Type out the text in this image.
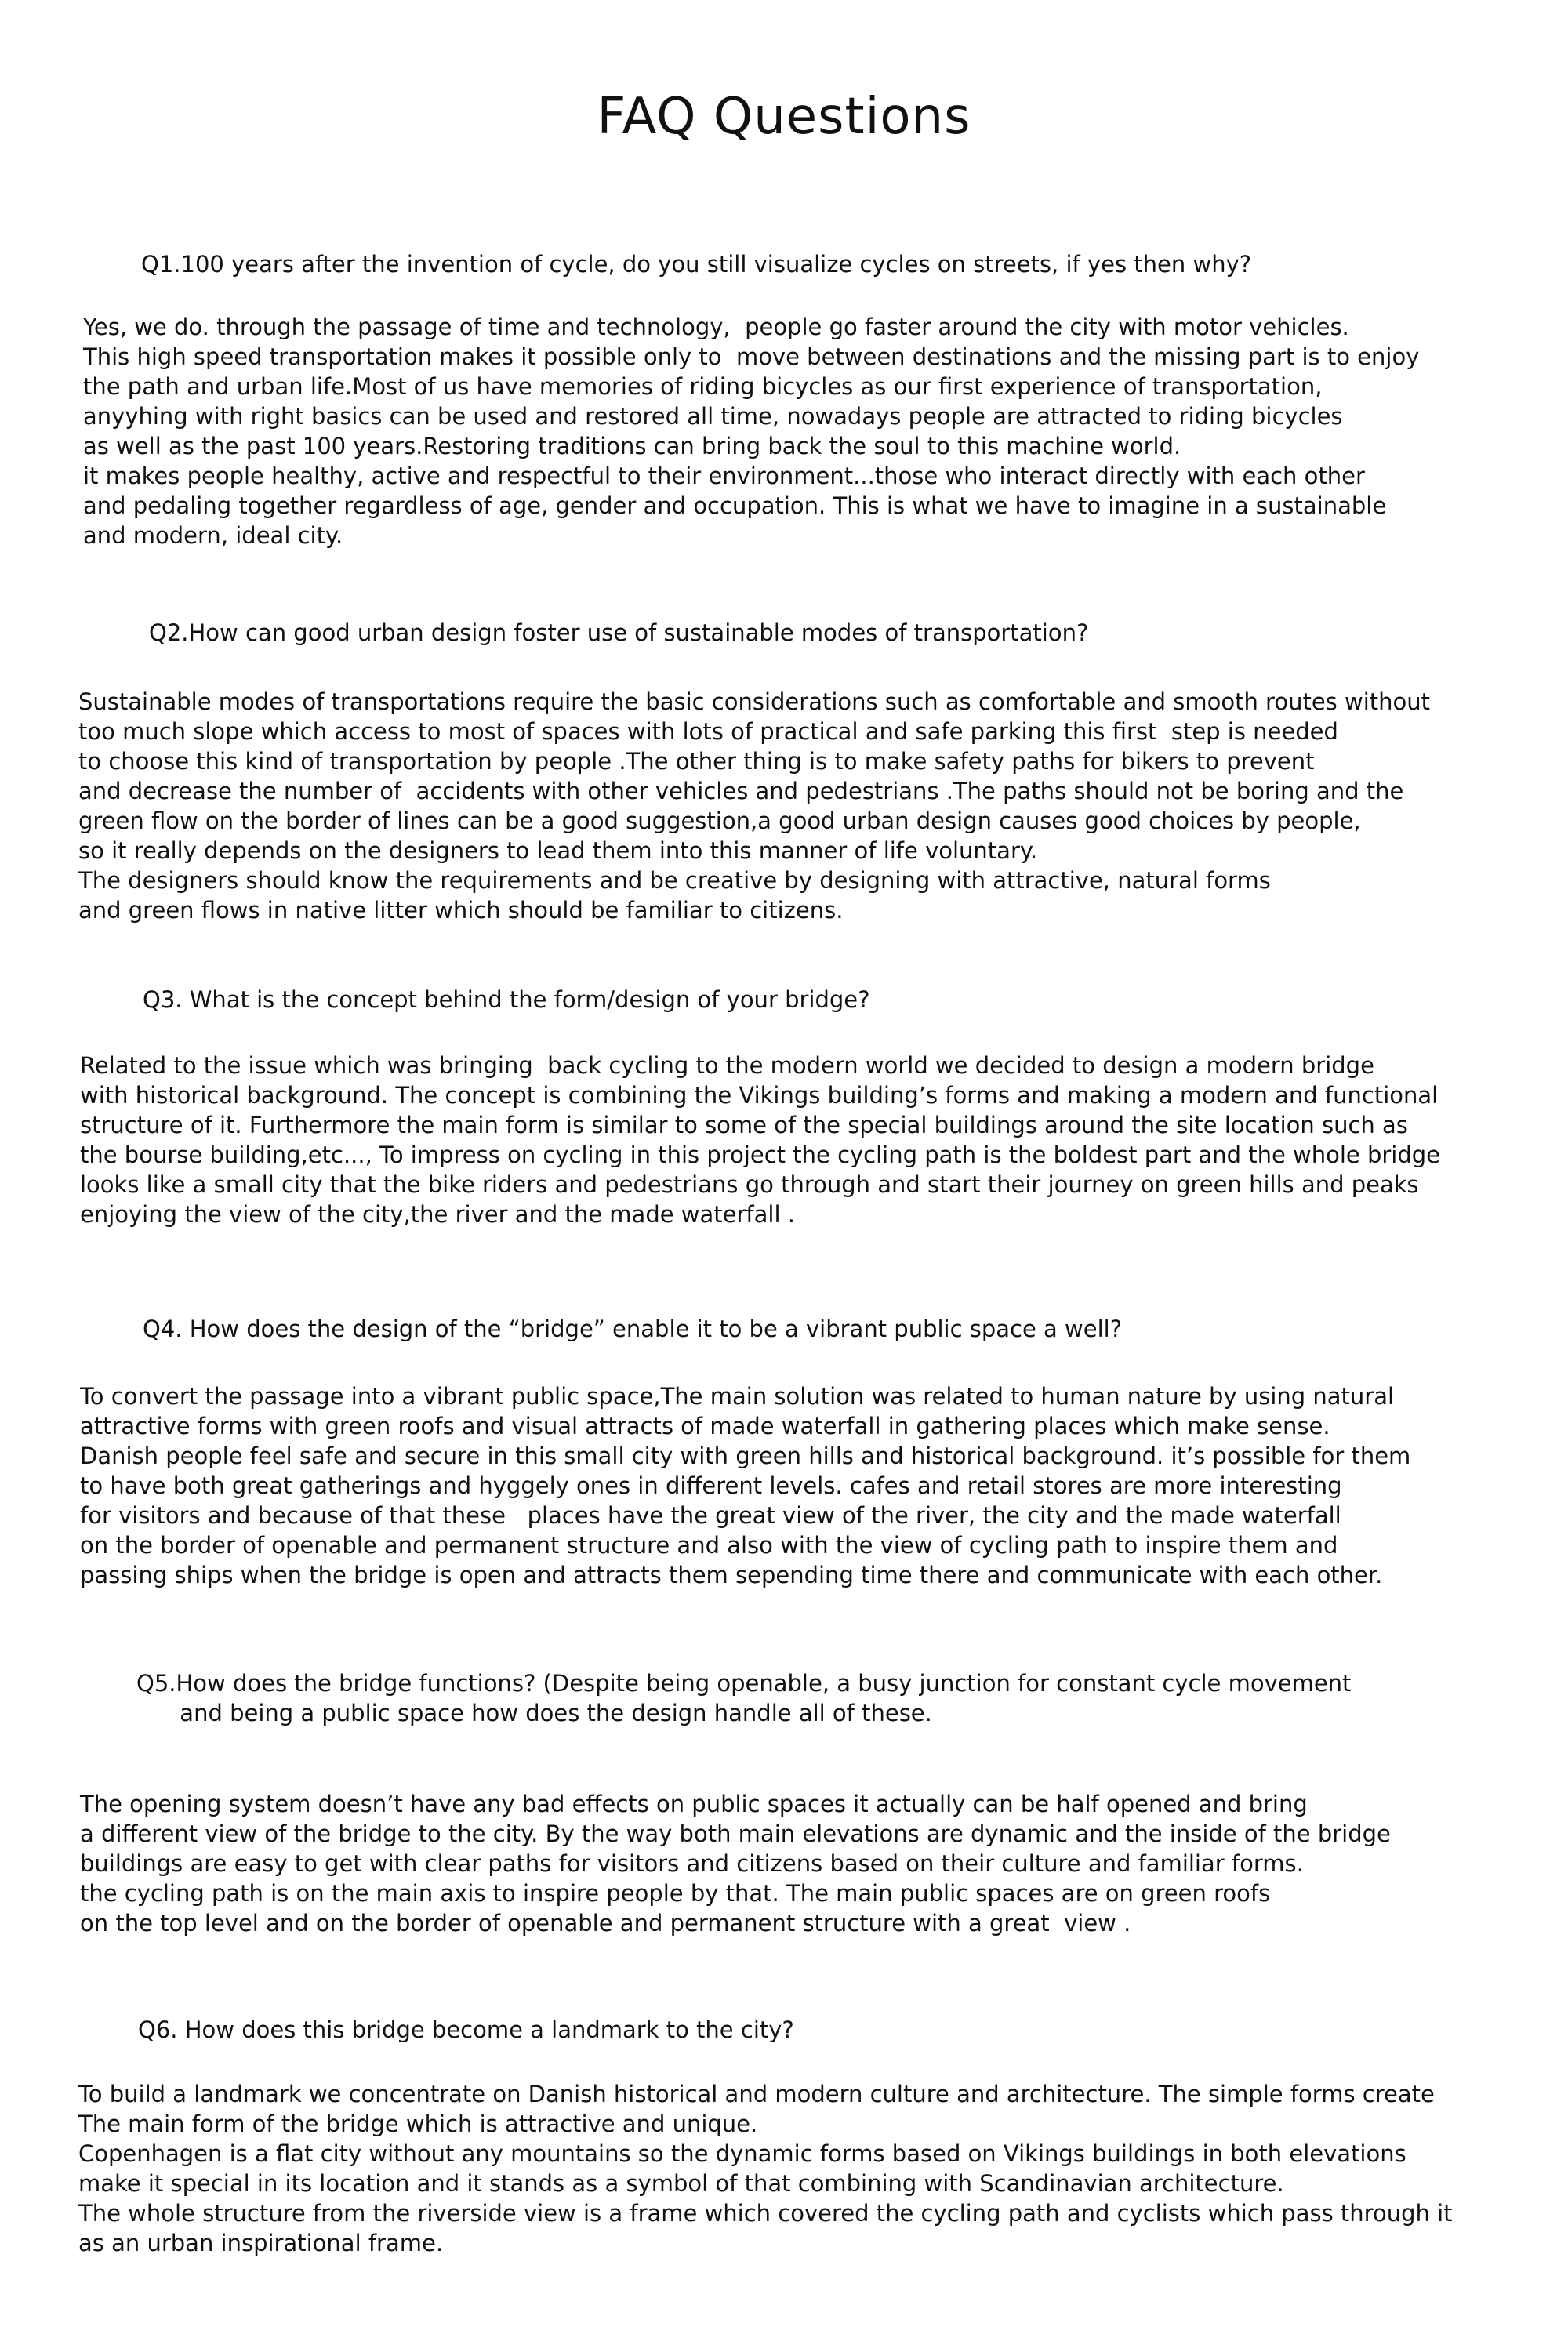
FAQ Questions

Q1.100 years after the invention of cycle, do you still visualize cycles on streets, if yes then why?

Yes, we do. through the passage of time and technology,  people go faster around the city with motor vehicles.
This high speed transportation makes it possible only to  move between destinations and the missing part is to enjoy
the path and urban life.Most of us have memories of riding bicycles as our first experience of transportation,
anyyhing with right basics can be used and restored all time, nowadays people are attracted to riding bicycles
as well as the past 100 years.Restoring traditions can bring back the soul to this machine world.
it makes people healthy, active and respectful to their environment...those who interact directly with each other
and pedaling together regardless of age, gender and occupation. This is what we have to imagine in a sustainable
and modern, ideal city.

Q2.How can good urban design foster use of sustainable modes of transportation?

Sustainable modes of transportations require the basic considerations such as comfortable and smooth routes without
too much slope which access to most of spaces with lots of practical and safe parking this first  step is needed
to choose this kind of transportation by people .The other thing is to make safety paths for bikers to prevent
and decrease the number of  accidents with other vehicles and pedestrians .The paths should not be boring and the
green flow on the border of lines can be a good suggestion,a good urban design causes good choices by people,
so it really depends on the designers to lead them into this manner of life voluntary.
The designers should know the requirements and be creative by designing with attractive, natural forms
and green flows in native litter which should be familiar to citizens.

Q3. What is the concept behind the form/design of your bridge?

Related to the issue which was bringing  back cycling to the modern world we decided to design a modern bridge
with historical background. The concept is combining the Vikings building’s forms and making a modern and functional
structure of it. Furthermore the main form is similar to some of the special buildings around the site location such as
the bourse building,etc..., To impress on cycling in this project the cycling path is the boldest part and the whole bridge
looks like a small city that the bike riders and pedestrians go through and start their journey on green hills and peaks
enjoying the view of the city,the river and the made waterfall .

Q4. How does the design of the “bridge” enable it to be a vibrant public space a well?

To convert the passage into a vibrant public space,The main solution was related to human nature by using natural
attractive forms with green roofs and visual attracts of made waterfall in gathering places which make sense.
Danish people feel safe and secure in this small city with green hills and historical background. it’s possible for them
to have both great gatherings and hyggely ones in different levels. cafes and retail stores are more interesting
for visitors and because of that these   places have the great view of the river, the city and the made waterfall
on the border of openable and permanent structure and also with the view of cycling path to inspire them and
passing ships when the bridge is open and attracts them sepending time there and communicate with each other.

Q5.How does the bridge functions? (Despite being openable, a busy junction for constant cycle movement
and being a public space how does the design handle all of these.

The opening system doesn’t have any bad effects on public spaces it actually can be half opened and bring
a different view of the bridge to the city. By the way both main elevations are dynamic and the inside of the bridge
buildings are easy to get with clear paths for visitors and citizens based on their culture and familiar forms.
the cycling path is on the main axis to inspire people by that. The main public spaces are on green roofs
on the top level and on the border of openable and permanent structure with a great  view .

Q6. How does this bridge become a landmark to the city?

To build a landmark we concentrate on Danish historical and modern culture and architecture. The simple forms create
The main form of the bridge which is attractive and unique.
Copenhagen is a flat city without any mountains so the dynamic forms based on Vikings buildings in both elevations
make it special in its location and it stands as a symbol of that combining with Scandinavian architecture.
The whole structure from the riverside view is a frame which covered the cycling path and cyclists which pass through it
as an urban inspirational frame.
